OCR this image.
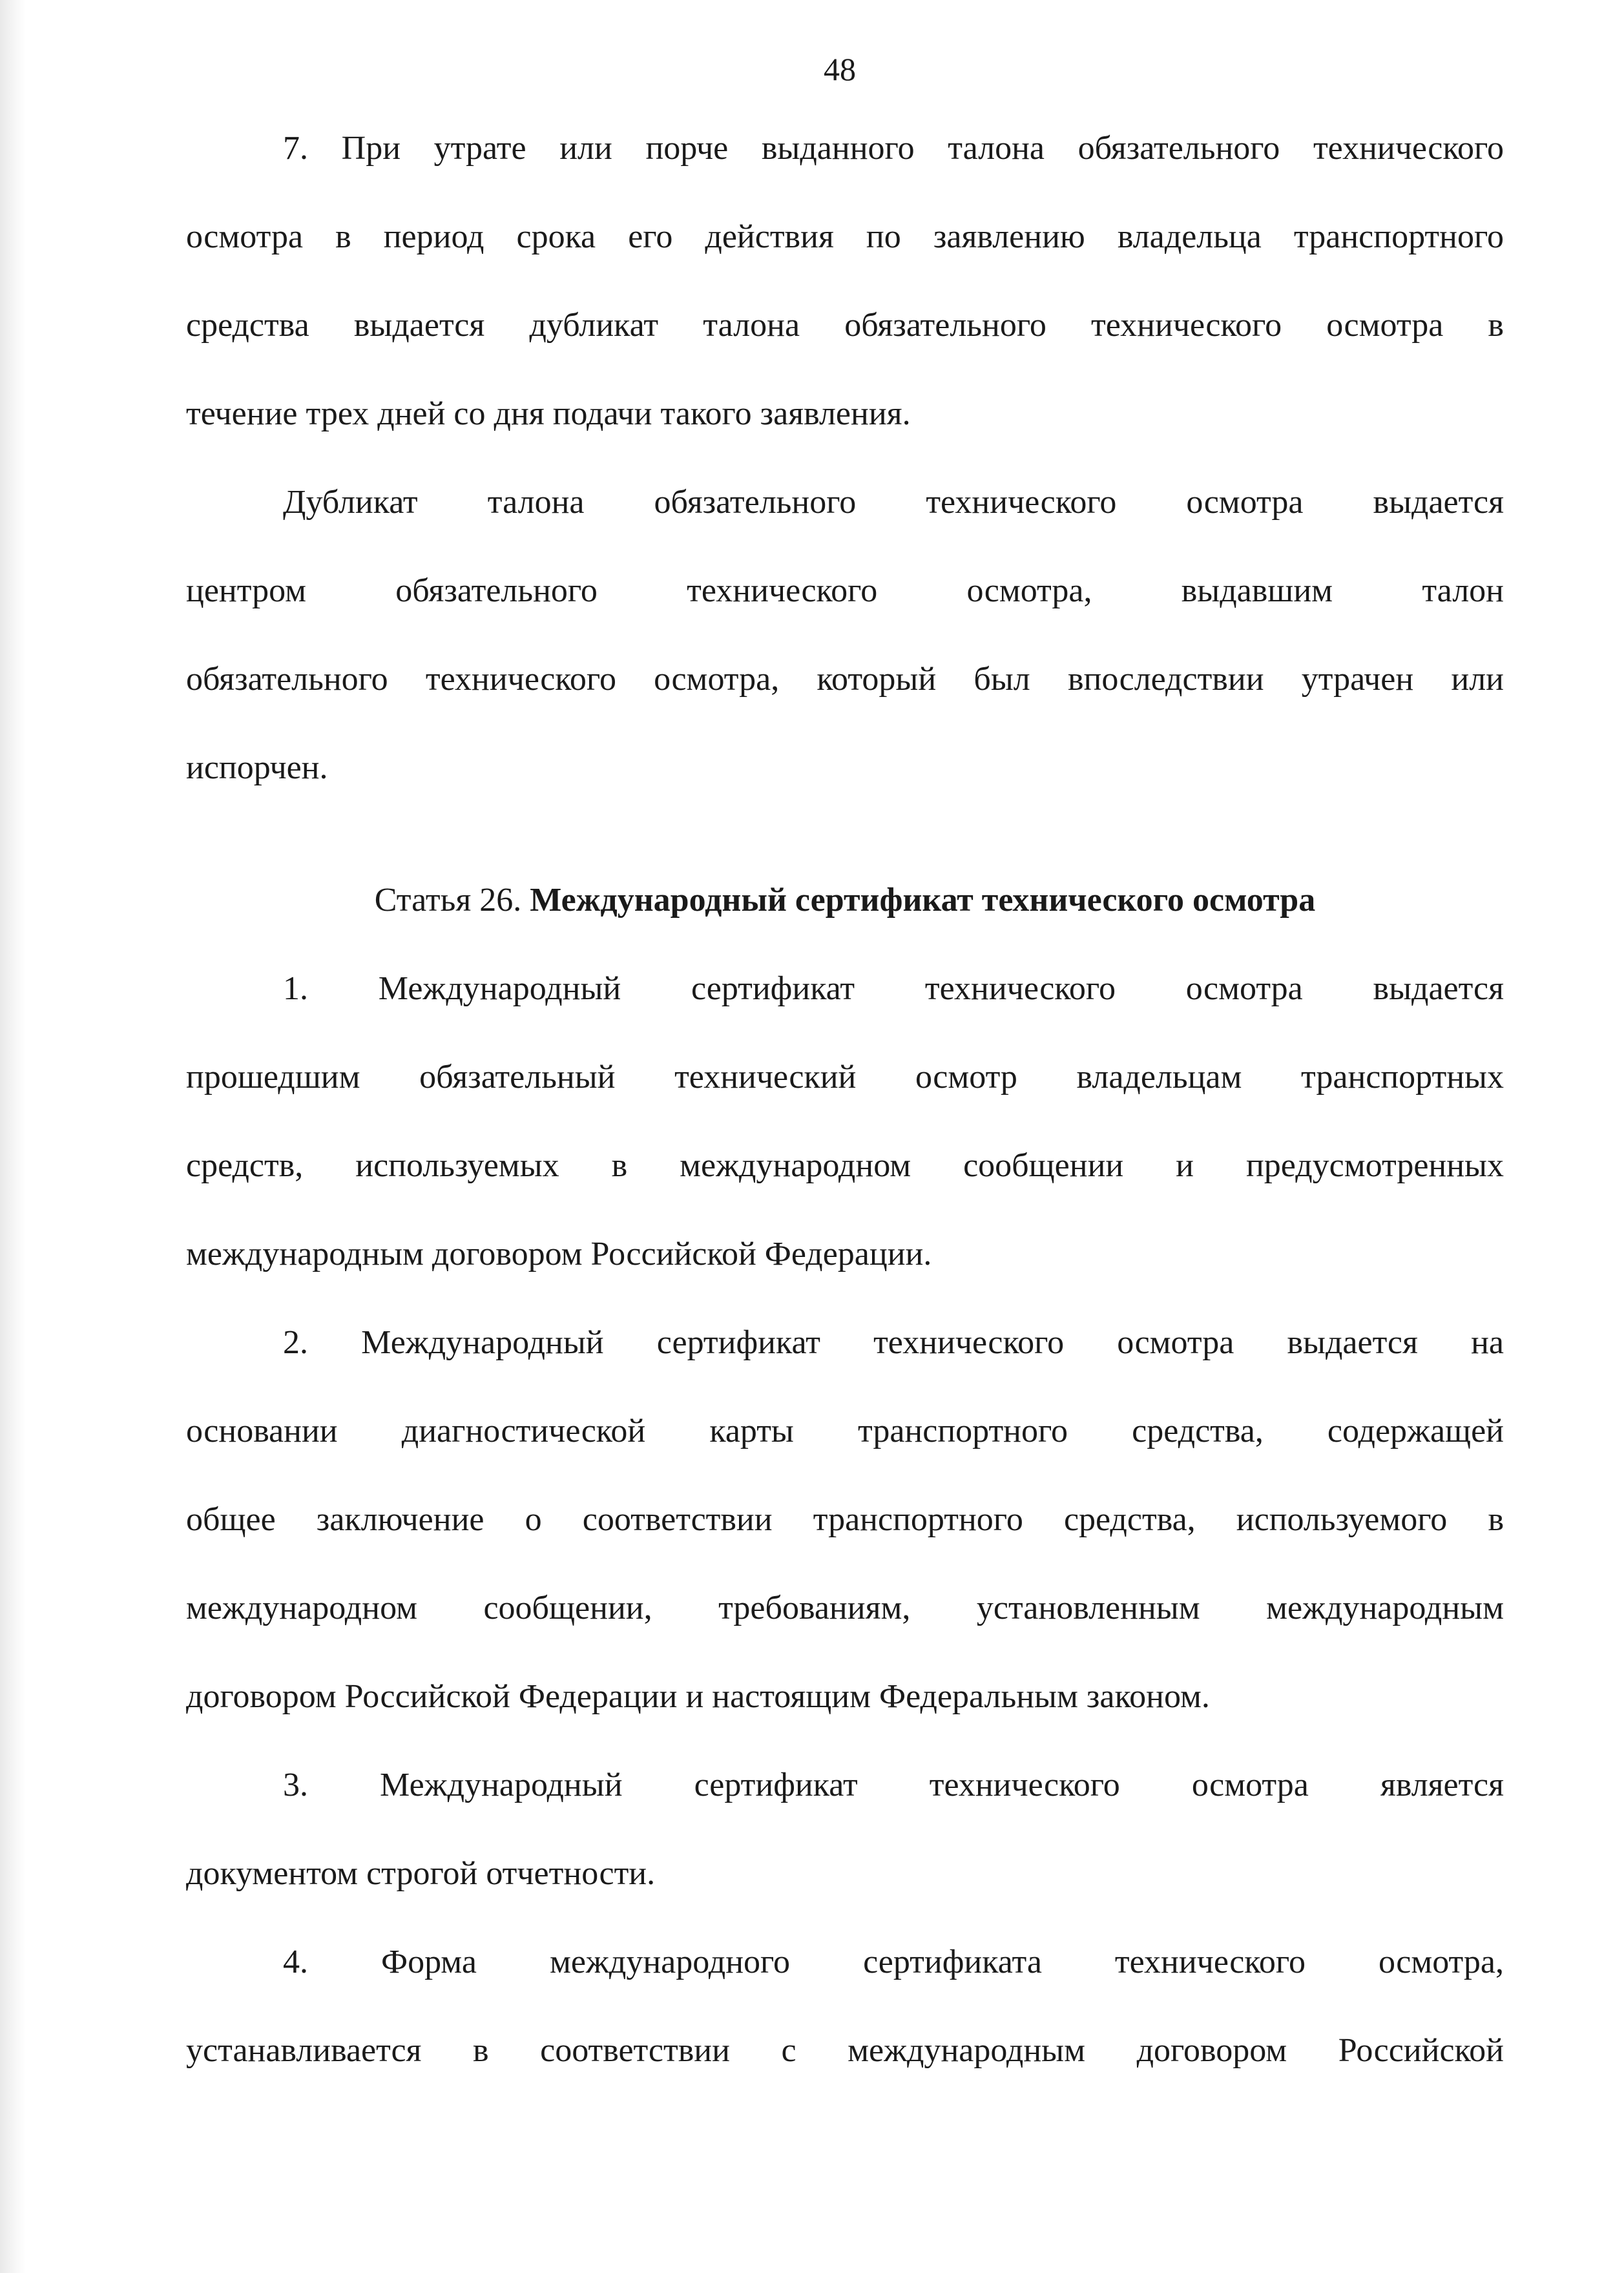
48
7. При утрате или порче выданного талона обязательного технического
осмотра в период срока его действия по заявлению владельца транспортного
средства выдается дубликат талона обязательного технического осмотра в
течение трех дней со дня подачи такого заявления.
Дубликат талона обязательного технического осмотра выдается
центром обязательного технического осмотра, выдавшим талон
обязательного технического осмотра, который был впоследствии утрачен или
испорчен.
Статья 26. Международный сертификат технического осмотра
1. Международный сертификат технического осмотра выдается
прошедшим обязательный технический осмотр владельцам транспортных
средств, используемых в международном сообщении и предусмотренных
международным договором Российской Федерации.
2. Международный сертификат технического осмотра выдается на
основании диагностической карты транспортного средства, содержащей
общее заключение о соответствии транспортного средства, используемого в
международном сообщении, требованиям, установленным международным
договором Российской Федерации и настоящим Федеральным законом.
3. Международный сертификат технического осмотра является
документом строгой отчетности.
4. Форма международного сертификата технического осмотра,
устанавливается в соответствии с международным договором Российской
